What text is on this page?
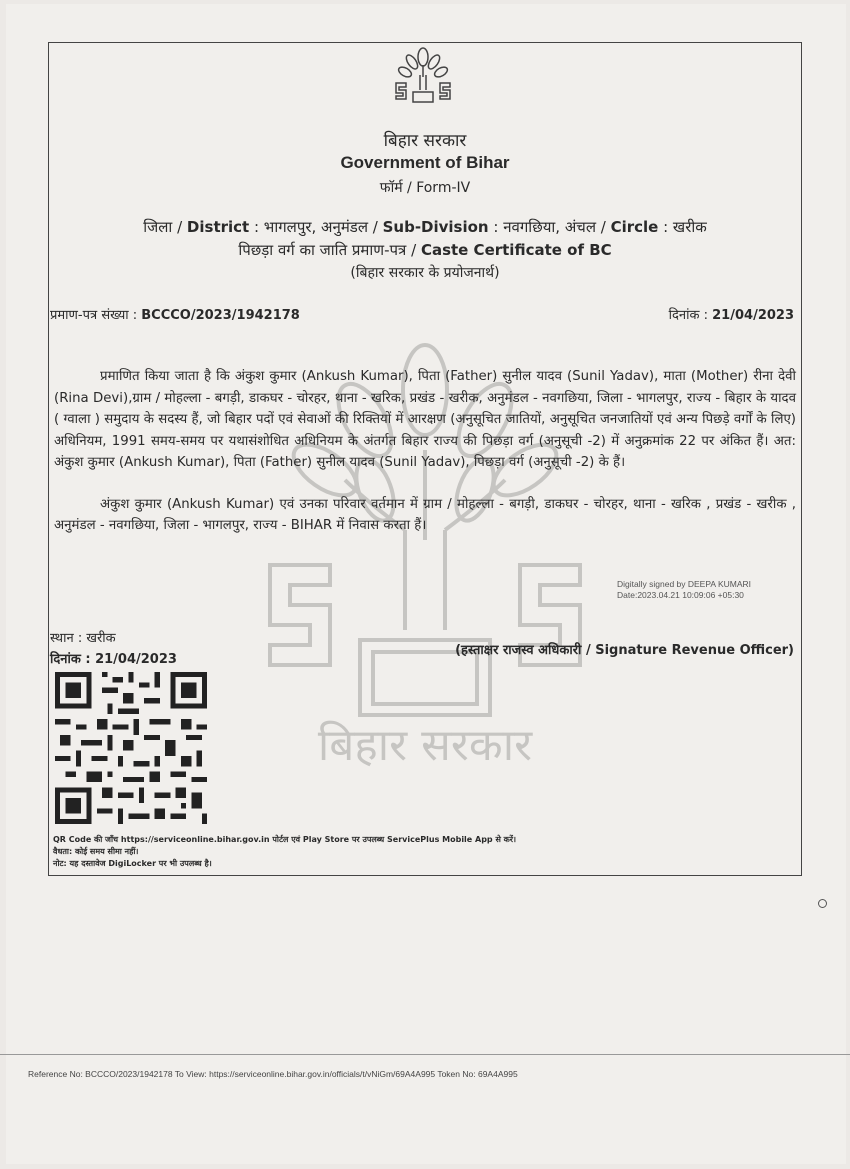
बिहार सरकार
बिहार सरकार
Government of Bihar
फॉर्म / Form-IV
जिला / District : भागलपुर, अनुमंडल / Sub-Division : नवगछिया, अंचल / Circle : खरीक
पिछड़ा वर्ग का जाति प्रमाण-पत्र / Caste Certificate of BC
(बिहार सरकार के प्रयोजनार्थ)
प्रमाण-पत्र संख्या : BCCCO/2023/1942178	दिनांक : 21/04/2023

प्रमाणित किया जाता है कि अंकुश कुमार (Ankush Kumar), पिता (Father) सुनील यादव (Sunil Yadav), माता (Mother) रीना देवी (Rina Devi),ग्राम / मोहल्ला - बगड़ी, डाकघर - चोरहर, थाना - खरिक, प्रखंड - खरीक, अनुमंडल - नवगछिया, जिला - भागलपुर, राज्य - बिहार के यादव ( ग्वाला ) समुदाय के सदस्य हैं, जो बिहार पदों एवं सेवाओं की रिक्तियों में आरक्षण (अनुसूचित जातियों, अनुसूचित जनजातियों एवं अन्य पिछड़े वर्गों के लिए) अधिनियम, 1991 समय-समय पर यथासंशोधित अधिनियम के अंतर्गत बिहार राज्य की पिछड़ा वर्ग (अनुसूची -2) में अनुक्रमांक 22 पर अंकित हैं। अत: अंकुश कुमार (Ankush Kumar), पिता (Father) सुनील यादव (Sunil Yadav), पिछड़ा वर्ग (अनुसूची -2) के हैं।

अंकुश कुमार (Ankush Kumar) एवं उनका परिवार वर्तमान में ग्राम / मोहल्ला - बगड़ी, डाकघर - चोरहर, थाना - खरिक , प्रखंड - खरीक , अनुमंडल - नवगछिया, जिला - भागलपुर, राज्य - BIHAR में निवास करता हैं।

Digitally signed by DEEPA KUMARI
Date:2023.04.21 10:09:06 +05:30
स्थान : खरीक
दिनांक : 21/04/2023
(हस्ताक्षर राजस्व अधिकारी / Signature Revenue Officer)
QR Code की जाँच https://serviceonline.bihar.gov.in पोर्टल एवं Play Store पर उपलब्ध ServicePlus Mobile App से करें।
वैधता: कोई समय सीमा नहीं।
नोट: यह दस्तावेज DigiLocker पर भी उपलब्ध है।
Reference No: BCCCO/2023/1942178 To View: https://serviceonline.bihar.gov.in/officials/t/vNiGm/69A4A995 Token No: 69A4A995
